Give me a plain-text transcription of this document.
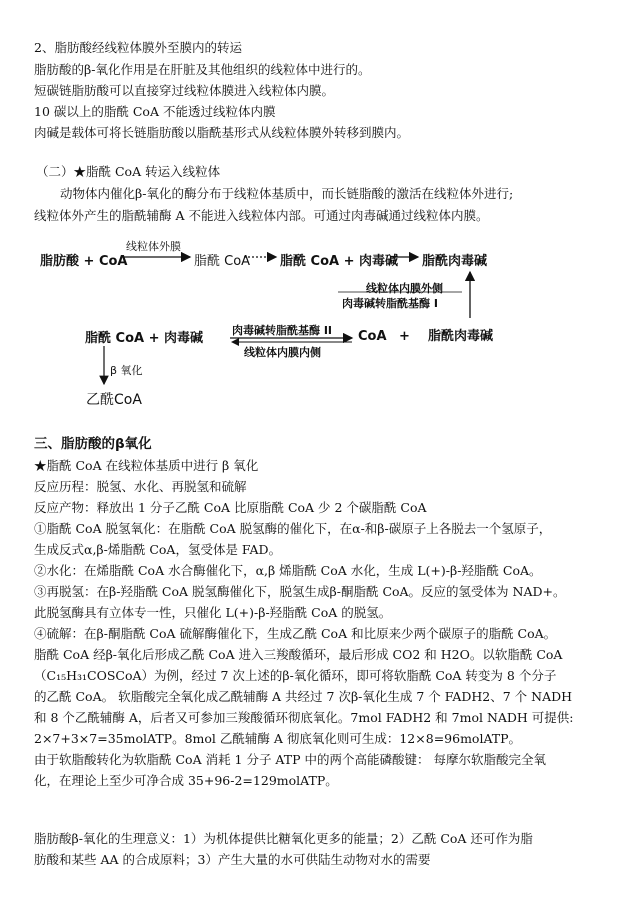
2、脂肪酸经线粒体膜外至膜内的转运
脂肪酸的β-氧化作用是在肝脏及其他组织的线粒体中进行的。
短碳链脂肪酸可以直接穿过线粒体膜进入线粒体内膜。
10 碳以上的脂酰 CoA 不能透过线粒体内膜
肉碱是载体可将长链脂肪酸以脂酰基形式从线粒体膜外转移到膜内。
（二）★脂酰 CoA 转运入线粒体
动物体内催化β-氧化的酶分布于线粒体基质中，而长链脂酸的激活在线粒体外进行;
线粒体外产生的脂酰辅酶 A 不能进入线粒体内部。可通过肉毒碱通过线粒体内膜。
脂肪酸 + CoA
线粒体外膜
脂酰 CoA 脂酰 CoA + 肉毒碱 脂酰肉毒碱
线粒体内膜外侧
肉毒碱转脂酰基酶 I
脂酰 CoA + 肉毒碱
肉毒碱转脂酰基酶 II
线粒体内膜内侧
CoA + 脂酰肉毒碱
β 氧化
乙酰CoA
三、脂肪酸的β氧化
★脂酰 CoA 在线粒体基质中进行 β 氧化
反应历程：脱氢、水化、再脱氢和硫解
反应产物：释放出 1 分子乙酰 CoA 比原脂酰 CoA 少 2 个碳脂酰 CoA
①脂酰 CoA 脱氢氧化：在脂酰 CoA 脱氢酶的催化下，在α-和β-碳原子上各脱去一个氢原子，
生成反式α,β-烯脂酰 CoA，氢受体是 FAD。
②水化：在烯脂酰 CoA 水合酶催化下，α,β 烯脂酰 CoA 水化，生成 L(+)-β-羟脂酰 CoA。
③再脱氢：在β-羟脂酰 CoA 脱氢酶催化下，脱氢生成β-酮脂酰 CoA。反应的氢受体为 NAD+。
此脱氢酶具有立体专一性，只催化 L(+)-β-羟脂酰 CoA 的脱氢。
④硫解：在β-酮脂酰 CoA 硫解酶催化下，生成乙酰 CoA 和比原来少两个碳原子的脂酰 CoA。
脂酰 CoA 经β-氧化后形成乙酰 CoA 进入三羧酸循环，最后形成 CO2 和 H2O。以软脂酰 CoA
（C₁₅H₃₁COSCoA）为例，经过 7 次上述的β-氧化循环，即可将软脂酰 CoA 转变为 8 个分子
的乙酰 CoA。 软脂酸完全氧化成乙酰辅酶 A 共经过 7 次β-氧化生成 7 个 FADH2、7 个 NADH
和 8 个乙酰辅酶 A，后者又可参加三羧酸循环彻底氧化。7mol FADH2 和 7mol NADH 可提供:
2×7+3×7=35molATP。8mol 乙酰辅酶 A 彻底氧化则可生成：12×8=96molATP。
由于软脂酸转化为软脂酰 CoA 消耗 1 分子 ATP 中的两个高能磷酸键： 每摩尔软脂酸完全氧
化，在理论上至少可净合成 35+96-2=129molATP。
脂肪酸β-氧化的生理意义：1）为机体提供比糖氧化更多的能量；2）乙酰 CoA 还可作为脂
肪酸和某些 AA 的合成原料；3）产生大量的水可供陆生动物对水的需要
